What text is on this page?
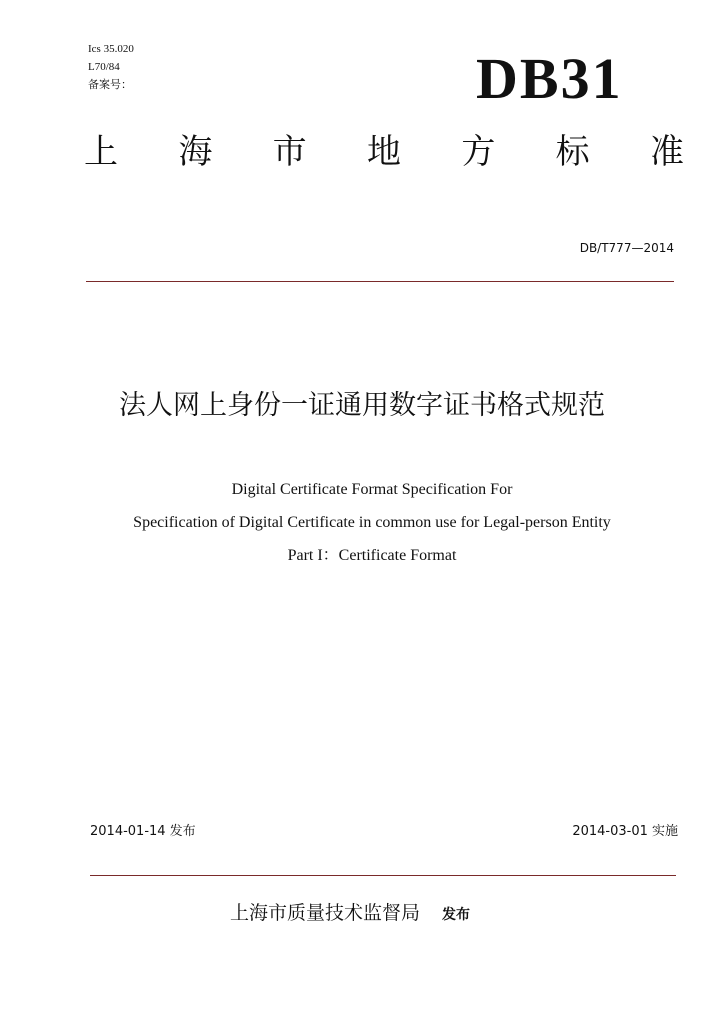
Ics 35.020
L70/84
备案号：	DB31
上 海 市 地 方 标 准
DB/T777—2014
法人网上身份一证通用数字证书格式规范
Digital Certificate Format Specification For
Specification of Digital Certificate in common use for Legal-person Entity
Part I：Certificate Format
2014-01-14 发布	2014-03-01 实施
上海市质量技术监督局 发布
